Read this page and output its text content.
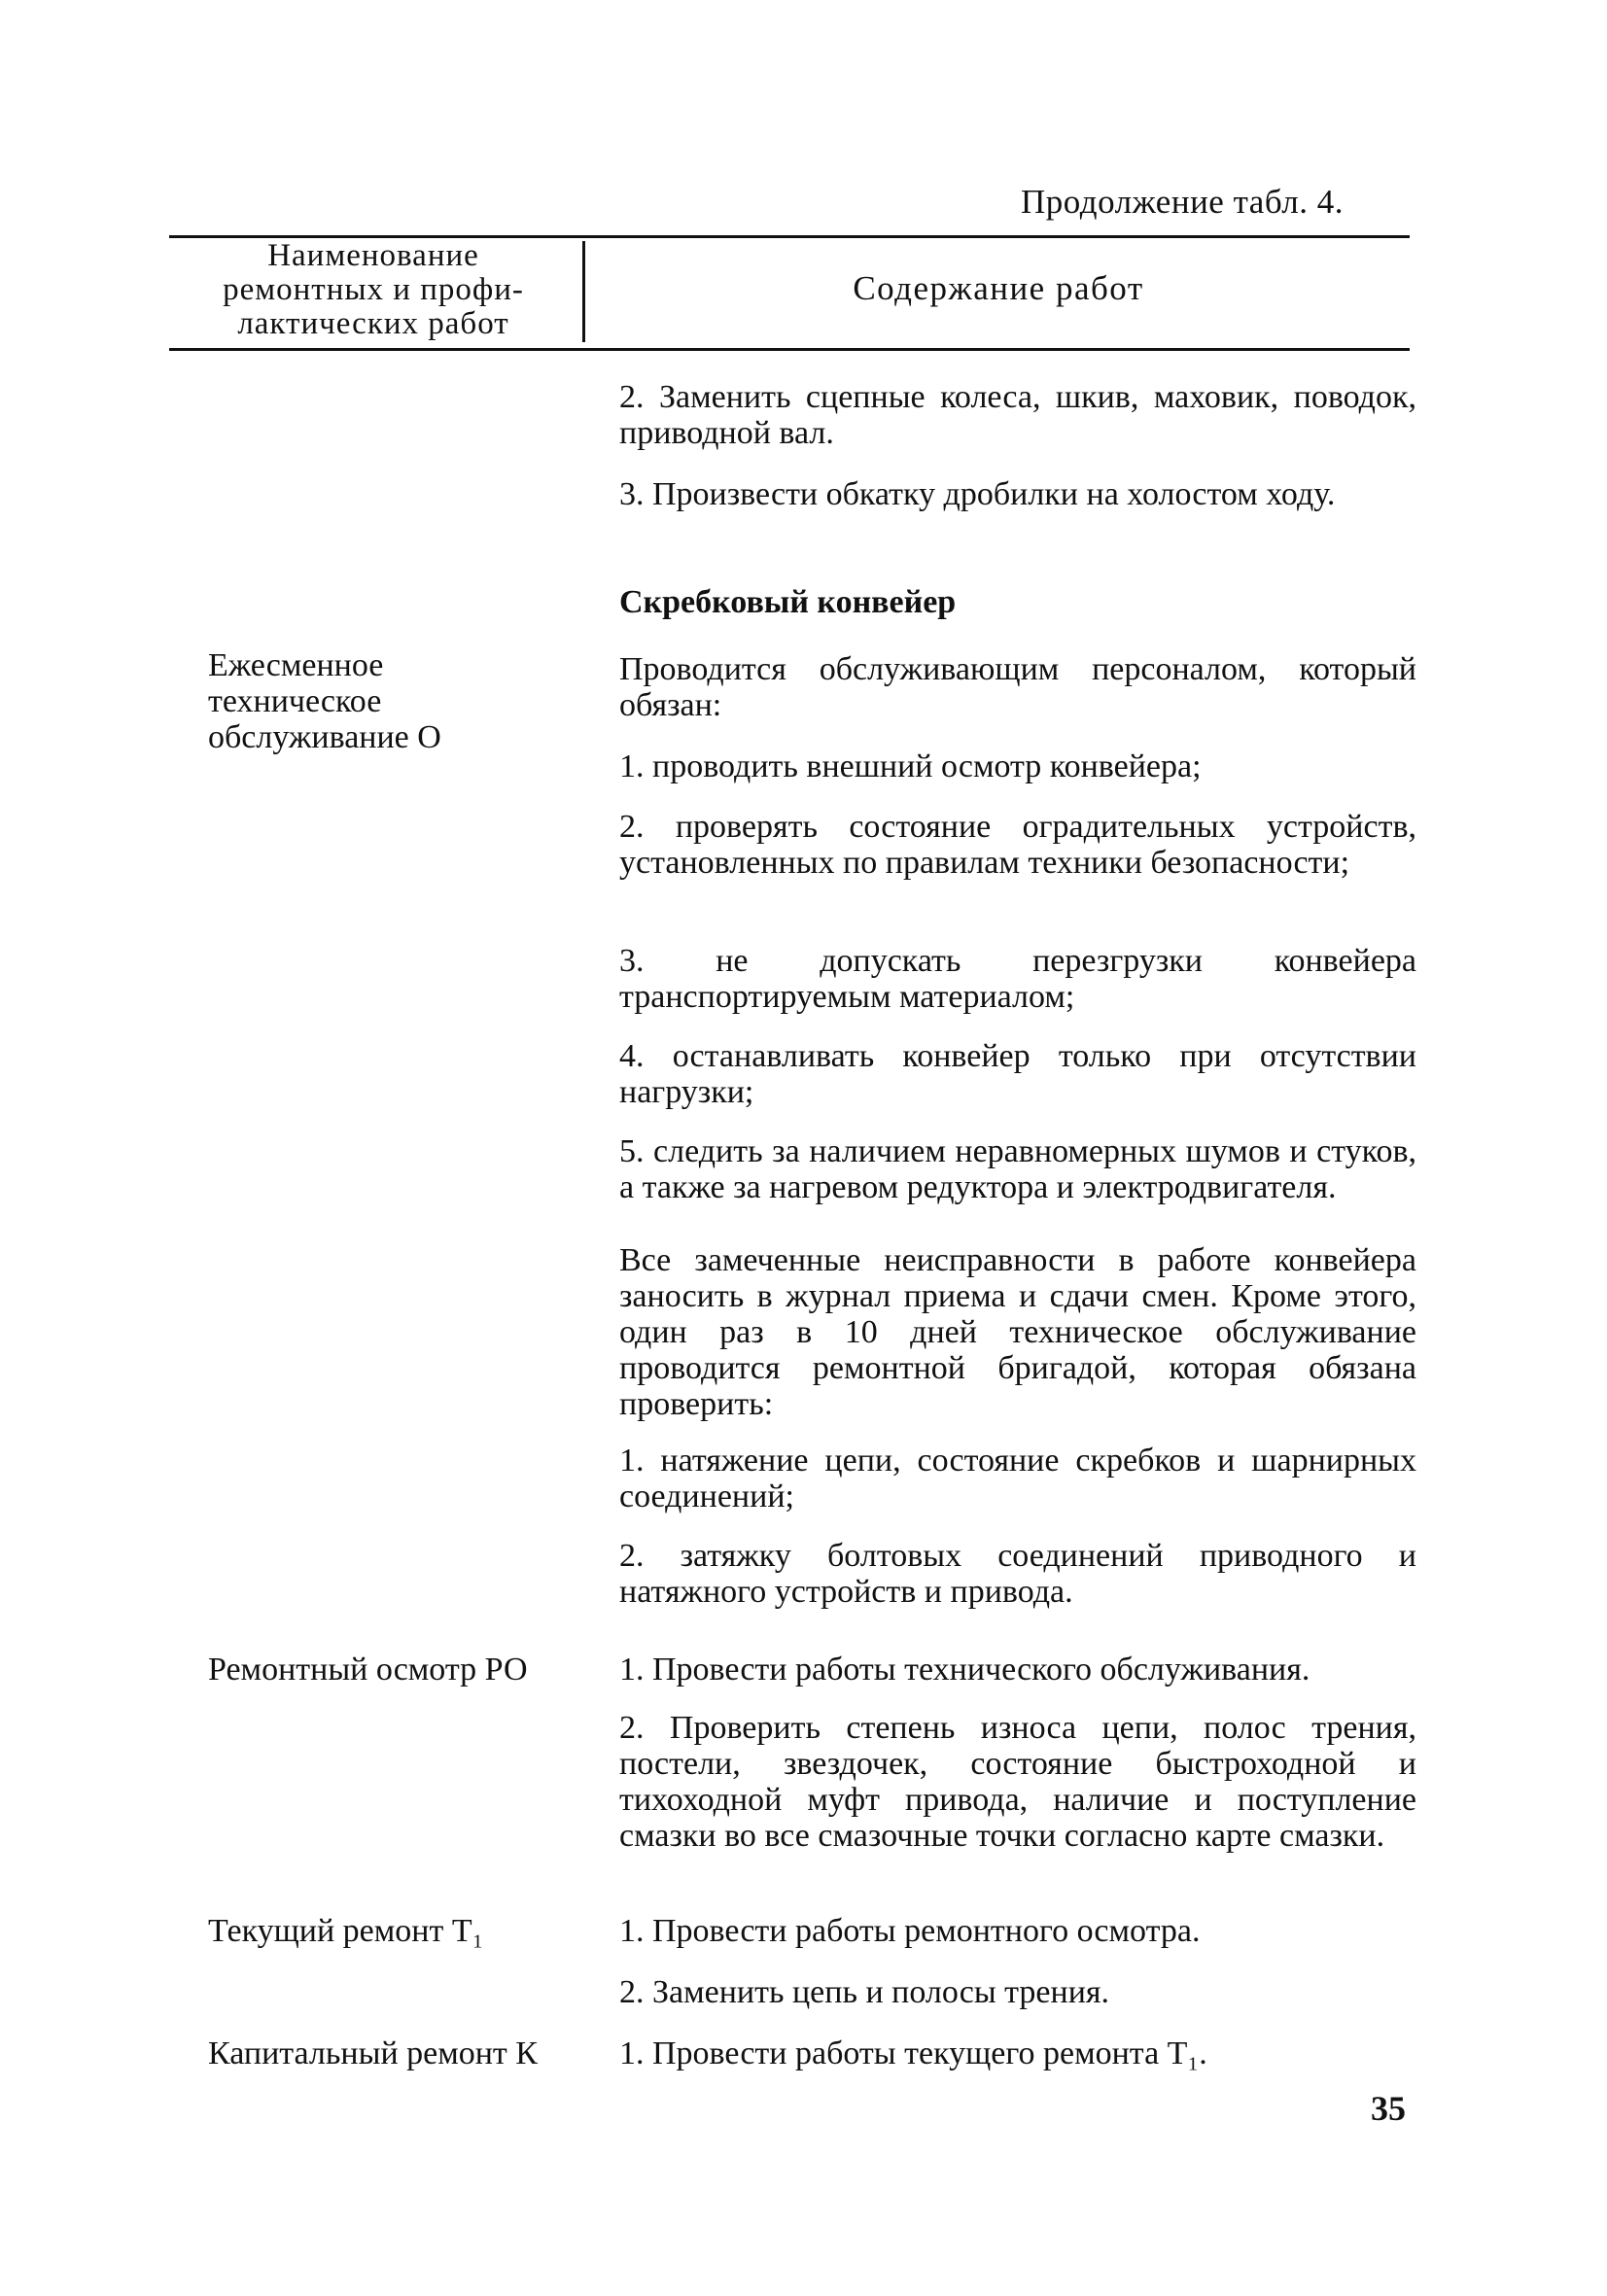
Продолжение табл. 4.
Наименование
ремонтных и профи-
лактических работ
Содержание работ
Ежесменное
техническое
обслуживание О
Ремонтный осмотр РО
Текущий ремонт T₁
Капитальный ремонт К
2. Заменить сцепные колеса, шкив, маховик, поводок, приводной вал.
3. Произвести обкатку дробилки на холостом ходу.
Скребковый конвейер
Проводится обслуживающим персоналом, который обязан:
1. проводить внешний осмотр конвейера;
2. проверять состояние оградительных устройств, установленных по правилам техники безопасности;
3. не допускать перезгрузки конвейера транспортируемым материалом;
4. останавливать конвейер только при отсутствии нагрузки;
5. следить за наличием неравномерных шумов и стуков, а также за нагревом редуктора и электродвигателя.
Все замеченные неисправности в работе конвейера заносить в журнал приема и сдачи смен. Кроме этого, один раз в 10 дней техническое обслуживание проводится ремонтной бригадой, которая обязана проверить:
1. натяжение цепи, состояние скребков и шарнирных соединений;
2. затяжку болтовых соединений приводного и натяжного устройств и привода.
1. Провести работы технического обслуживания.
2. Проверить степень износа цепи, полос трения, постели, звездочек, состояние быстроходной и тихоходной муфт привода, наличие и поступление смазки во все смазочные точки согласно карте смазки.
1. Провести работы ремонтного осмотра.
2. Заменить цепь и полосы трения.
1. Провести работы текущего ремонта T₁.
35
